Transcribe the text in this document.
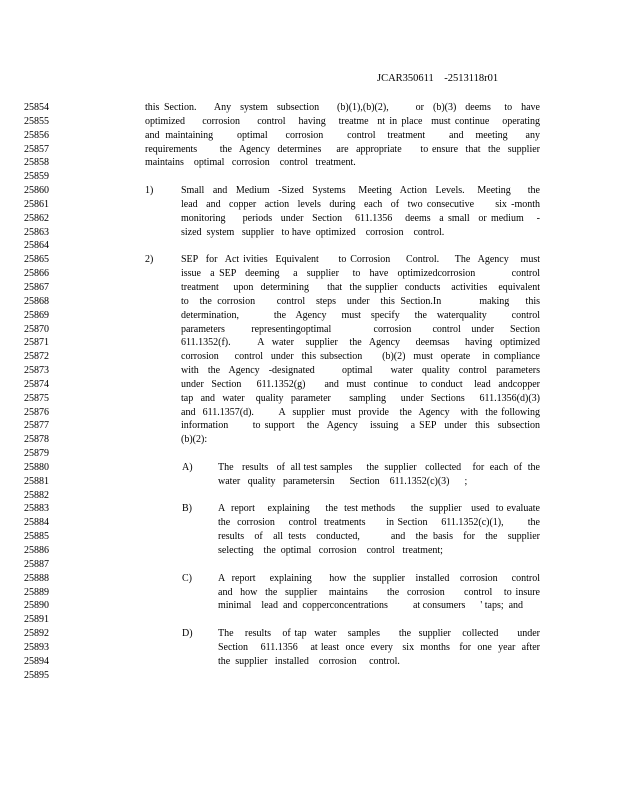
JCAR350611    -2513118r01
25854
25855
25856
25857
25858
25859
25860
25861
25862
25863
25864
25865
25866
25867
25868
25869
25870
25871
25872
25873
25874
25875
25876
25877
25878
25879
25880
25881
25882
25883
25884
25885
25886
25887
25888
25889
25890
25891
25892
25893
25894
25895
this Section.    Any  system  subsection    (b)(1),(b)(2),      or  (b)(3)  deems   to  have
optimized    corrosion    control   having   treatme  nt in place  must continue   operating
and maintaining    optimal   corrosion    control  treatment    and  meeting   any
requirements      the  Agency  determines    are  appropriate     to ensure  that  the  supplier
maintains    optimal   corrosion    control   treatment.
1)	Small  and  Medium  -Sized  Systems   Meeting  Action  Levels.   Meeting    the
lead  and  copper  action  levels  during  each  of  two consecutive     six -month
monitoring    periods  under  Section   611.1356   deems  a small  or medium   -
sized  system   supplier   to have  optimized    corrosion    control.
2)	SEP  for  Act ivities  Equivalent     to Corrosion    Control.    The  Agency   must
issue  a SEP  deeming   a  supplier   to  have  optimizedcorrosion        control
treatment    upon  determining     that  the supplier  conducts   activities   equivalent
to  the corrosion    control  steps  under  this Section.In       making   this
determination,       the  Agency   must  specify   the  waterquality     control
parameters     representingoptimal        corrosion    control  under   Section
611.1352(f).       A  water   supplier   the  Agency    deemsas    having  optimized
corrosion    control  under  this subsection     (b)(2)  must  operate   in compliance
with  the  Agency  -designated      optimal    water  quality  control  parameters
under  Section    611.1352(g)     and  must  continue   to conduct   lead  andcopper
tap  and  water   quality  parameter     sampling    under  Sections    611.1356(d)(3)
and  611.1357(d).       A  supplier  must  provide   the  Agency   with  the following
information      to support   the  Agency   issuing   a SEP  under  this  subsection
(b)(2):
A)	The   results   of  all test samples     the  supplier   collected    for  each  of  the
water   quality   parametersin      Section    611.1352(c)(3)      ;
B)	A  report    explaining     the  test methods     the  supplier   used  to evaluate
the  corrosion    control  treatments      in Section    611.1352(c)(1),       the
results  of  all tests  conducted,      and  the basis  for  the  supplier
selecting    the  optimal   corrosion    control   treatment;
C)	A  report    explaining     how  the  supplier   installed   corrosion    control
and  how  the  supplier   maintains     the  corrosion     control   to insure
minimal    lead  and  copperconcentrations          at consumers      ' taps;  and
D)	The   results   of tap  water   samples     the  supplier   collected     under
Section    611.1356    at least  once  every   six  months   for  one  year  after
the  supplier   installed    corrosion     control.
